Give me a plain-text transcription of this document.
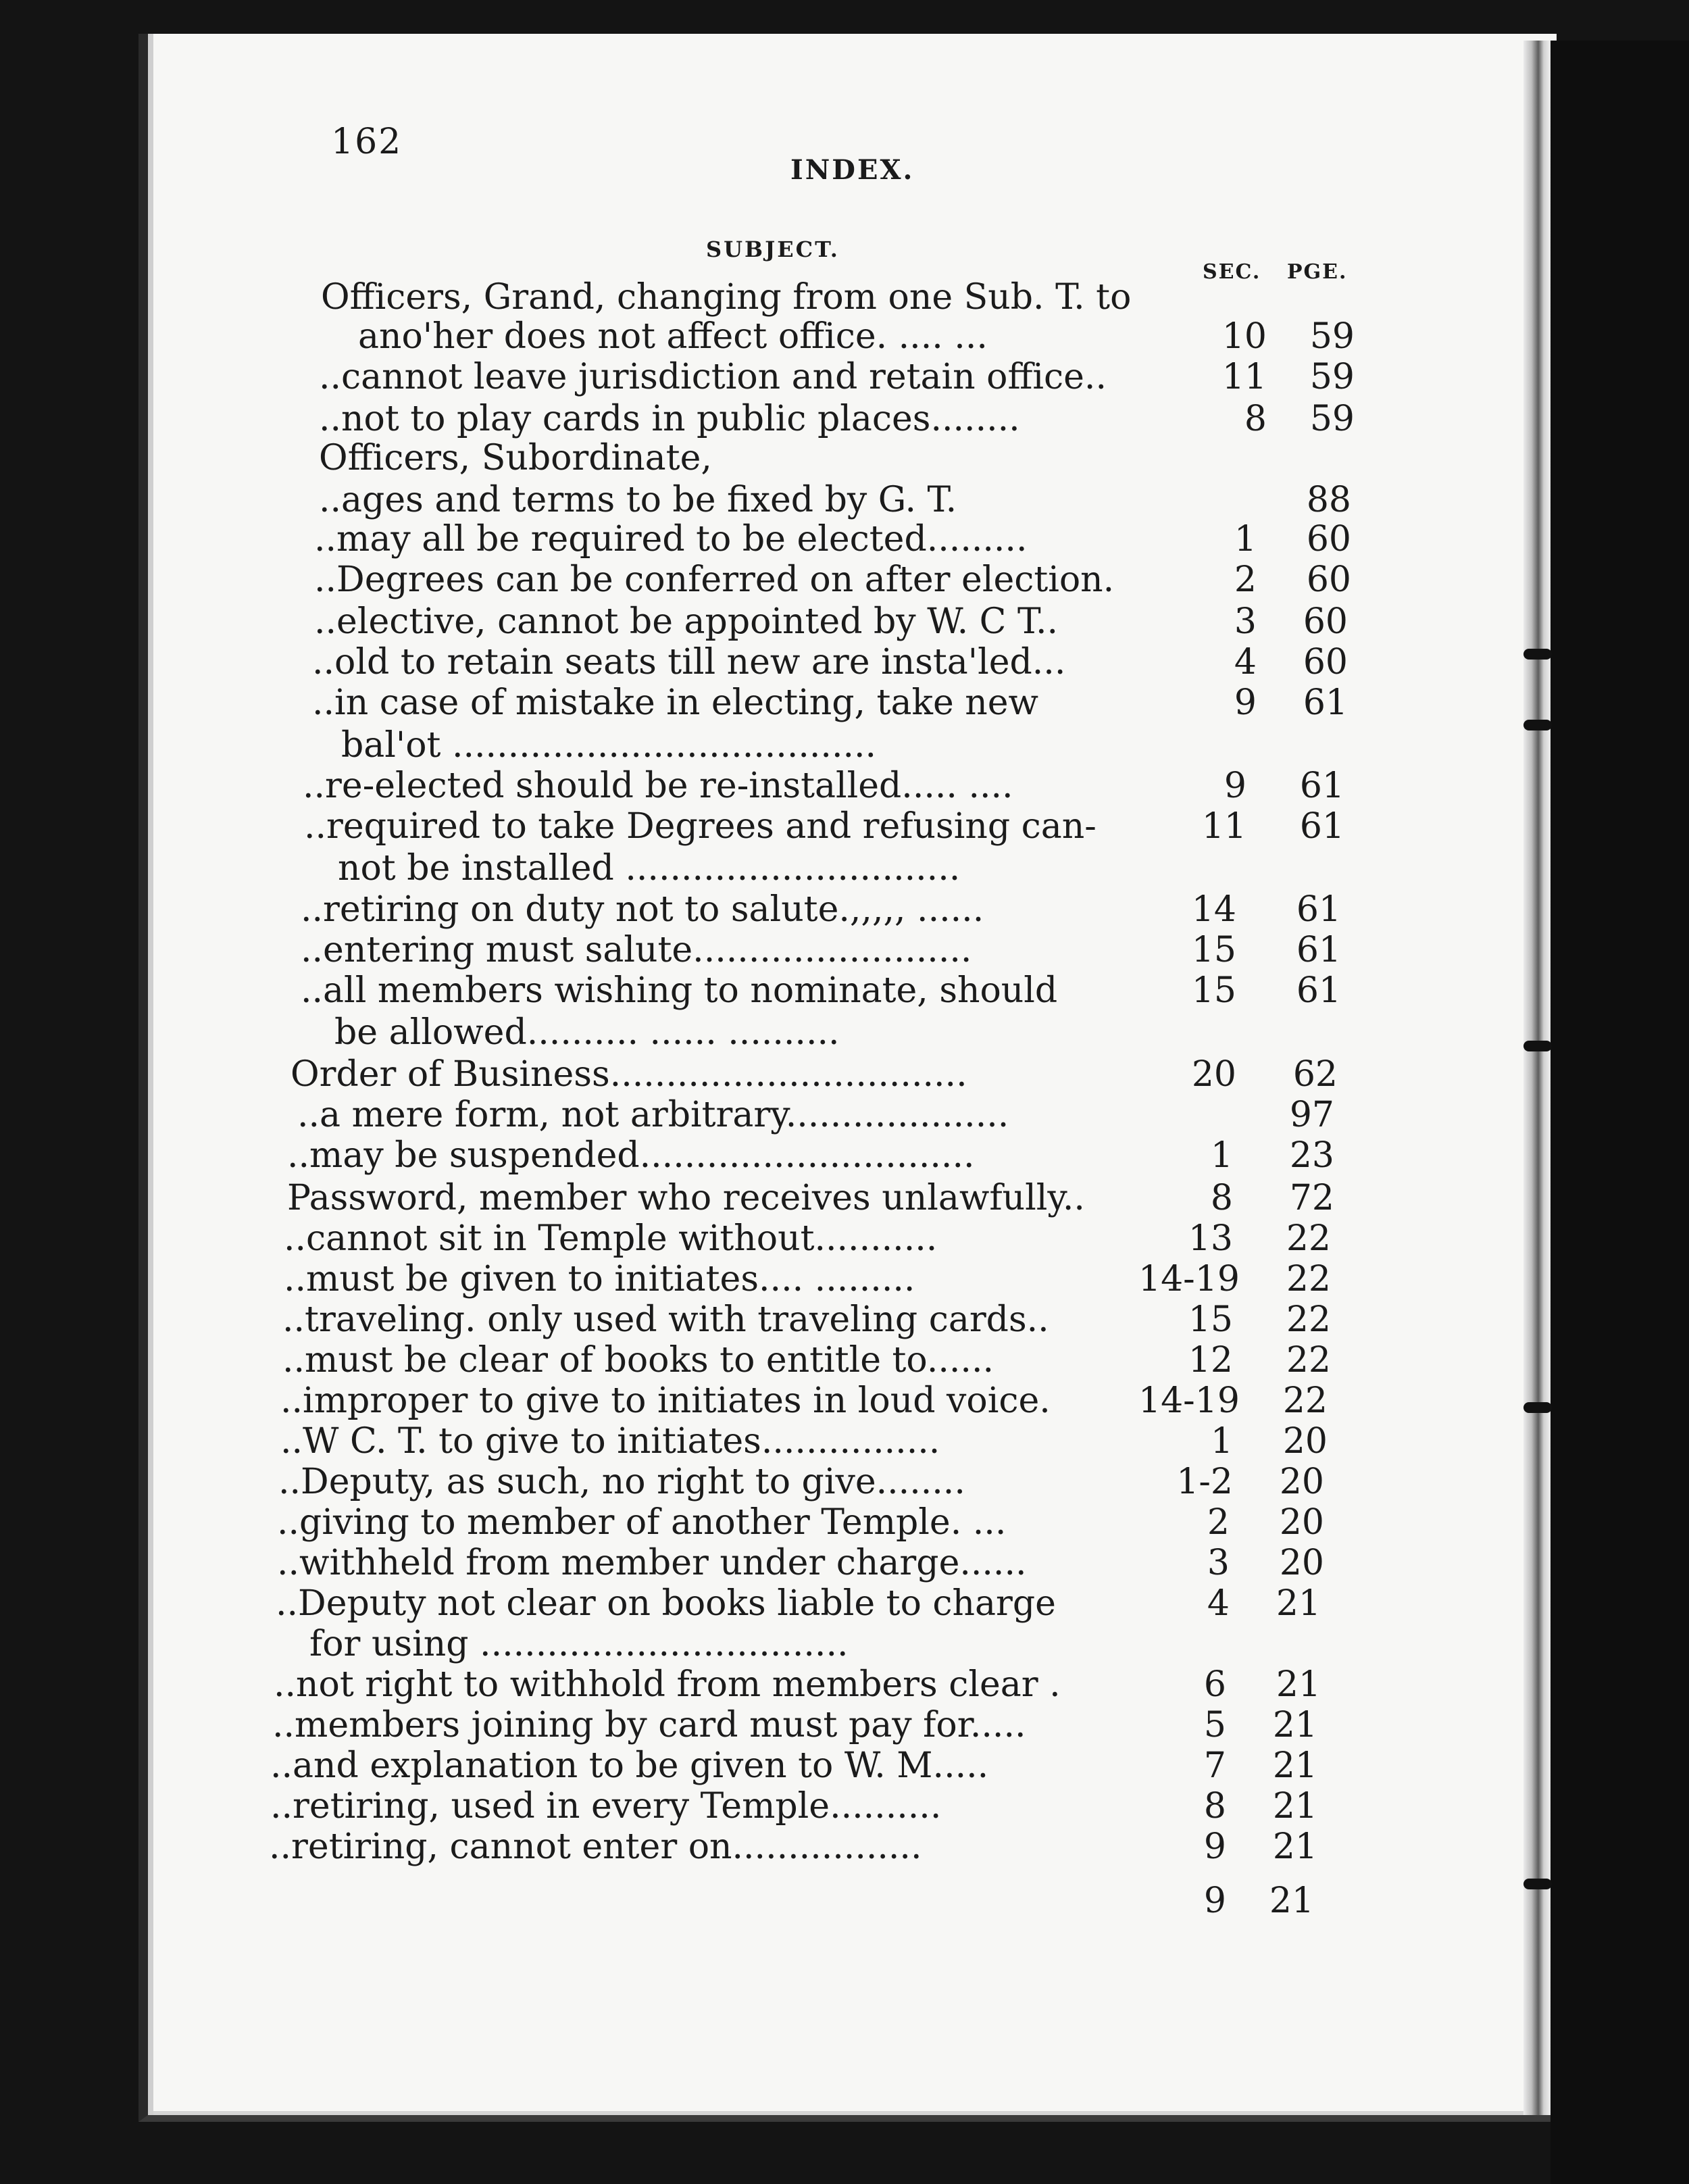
162
INDEX.
SUBJECT.
SEC. PGE.
Officers, Grand, changing from one Sub. T. to
ano'her does not affect office. .... ...	10	59
..cannot leave jurisdiction and retain office..	11	59
..not to play cards in public places........	8	59
Officers, Subordinate,
..ages and terms to be fixed by G. T.	88
..may all be required to be elected.........	1	60
..Degrees can be conferred on after election.	2	60
..elective, cannot be appointed by W. C T..	3	60
..old to retain seats till new are insta'led...	4	60
..in case of mistake in electing, take new	9	61
bal'ot ......................................
..re-elected should be re-installed..... ....	9	61
..required to take Degrees and refusing can-	11	61
not be installed ..............................
..retiring on duty not to salute.,,,,, ......	14	61
..entering must salute.........................	15	61
..all members wishing to nominate, should	15	61
be allowed.......... ...... ..........
Order of Business................................	20	62
..a mere form, not arbitrary....................	97
..may be suspended..............................	1	23
Password, member who receives unlawfully..	8	72
..cannot sit in Temple without...........	13	22
..must be given to initiates.... .........	14-19	22
..traveling. only used with traveling cards..	15	22
..must be clear of books to entitle to......	12	22
..improper to give to initiates in loud voice.	14-19	22
..W C. T. to give to initiates................	1	20
..Deputy, as such, no right to give........	1-2	20
..giving to member of another Temple. ...	2	20
..withheld from member under charge......	3	20
..Deputy not clear on books liable to charge	4	21
for using .................................
..not right to withhold from members clear .	6	21
..members joining by card must pay for.....	5	21
..and explanation to be given to W. M.....	7	21
..retiring, used in every Temple..........	8	21
..retiring, cannot enter on.................	9	21
9	21
